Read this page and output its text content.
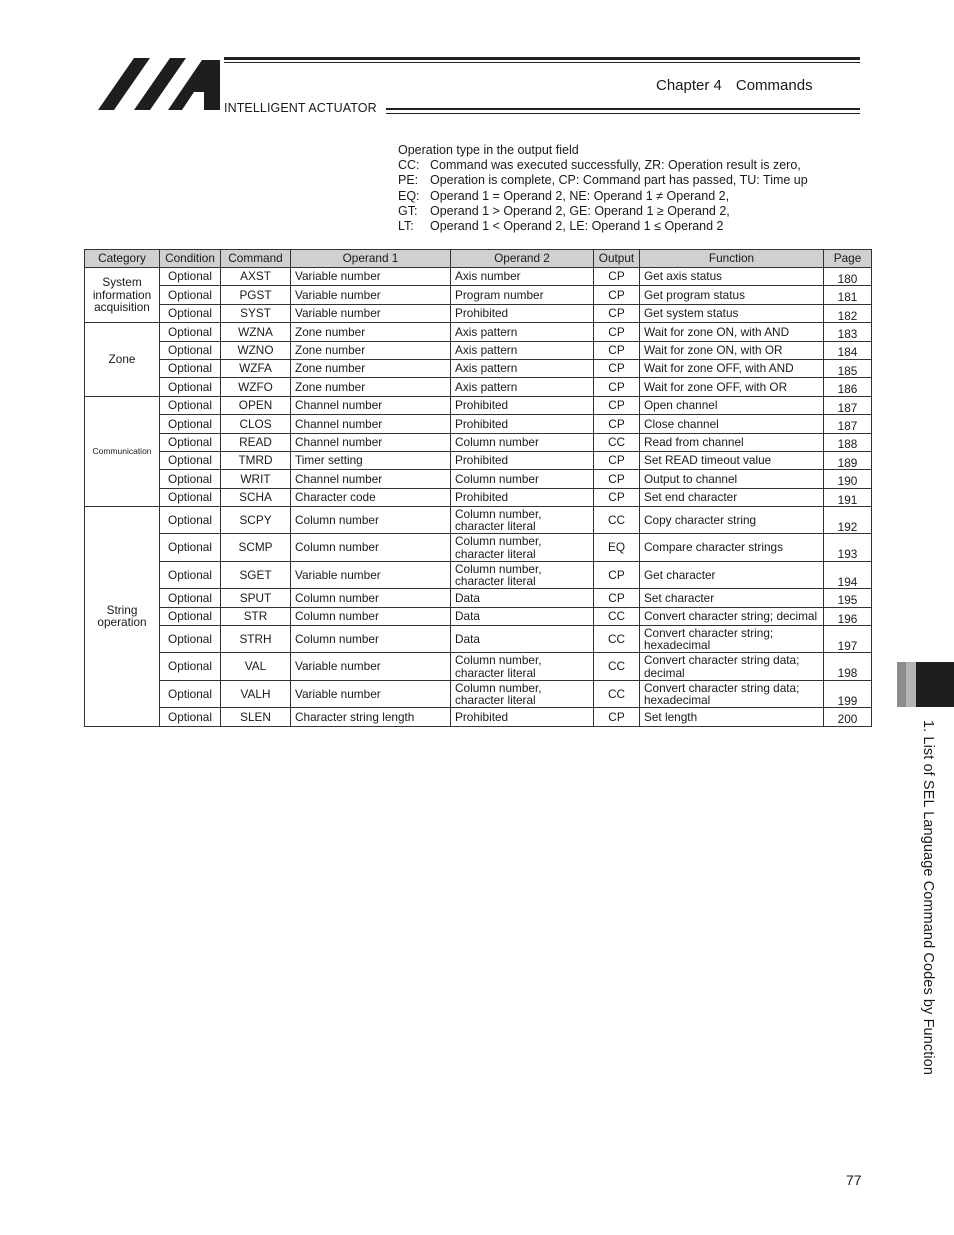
INTELLIGENT ACTUATOR
Chapter 4 Commands
Operation type in the output field
CC: Command was executed successfully, ZR: Operation result is zero,
PE: Operation is complete, CP: Command part has passed, TU: Time up
EQ: Operand 1 = Operand 2, NE: Operand 1 ≠ Operand 2,
GT:	Operand 1 > Operand 2, GE: Operand 1 ≥ Operand 2,
LT:	Operand 1 < Operand 2, LE: Operand 1 ≤ Operand 2
Category	Condition	Command	Operand 1	Operand 2	Output	Function	Page
System information acquisition	Optional	AXST	Variable number	Axis number	CP	Get axis status	180
	Optional	PGST	Variable number	Program number	CP	Get program status	181
	Optional	SYST	Variable number	Prohibited	CP	Get system status	182
Zone	Optional	WZNA	Zone number	Axis pattern	CP	Wait for zone ON, with AND	183
	Optional	WZNO	Zone number	Axis pattern	CP	Wait for zone ON, with OR	184
	Optional	WZFA	Zone number	Axis pattern	CP	Wait for zone OFF, with AND	185
	Optional	WZFO	Zone number	Axis pattern	CP	Wait for zone OFF, with OR	186
Communication	Optional	OPEN	Channel number	Prohibited	CP	Open channel	187
	Optional	CLOS	Channel number	Prohibited	CP	Close channel	187
	Optional	READ	Channel number	Column number	CC	Read from channel	188
	Optional	TMRD	Timer setting	Prohibited	CP	Set READ timeout value	189
	Optional	WRIT	Channel number	Column number	CP	Output to channel	190
	Optional	SCHA	Character code	Prohibited	CP	Set end character	191
String operation	Optional	SCPY	Column number	Column number, character literal	CC	Copy character string	192
	Optional	SCMP	Column number	Column number, character literal	EQ	Compare character strings	193
	Optional	SGET	Variable number	Column number, character literal	CP	Get character	194
	Optional	SPUT	Column number	Data	CP	Set character	195
	Optional	STR	Column number	Data	CC	Convert character string; decimal	196
	Optional	STRH	Column number	Data	CC	Convert character string; hexadecimal	197
	Optional	VAL	Variable number	Column number, character literal	CC	Convert character string data; decimal	198
	Optional	VALH	Variable number	Column number, character literal	CC	Convert character string data; hexadecimal	199
	Optional	SLEN	Character string length	Prohibited	CP	Set length	200
1. List of SEL Language Command Codes by Function
77
